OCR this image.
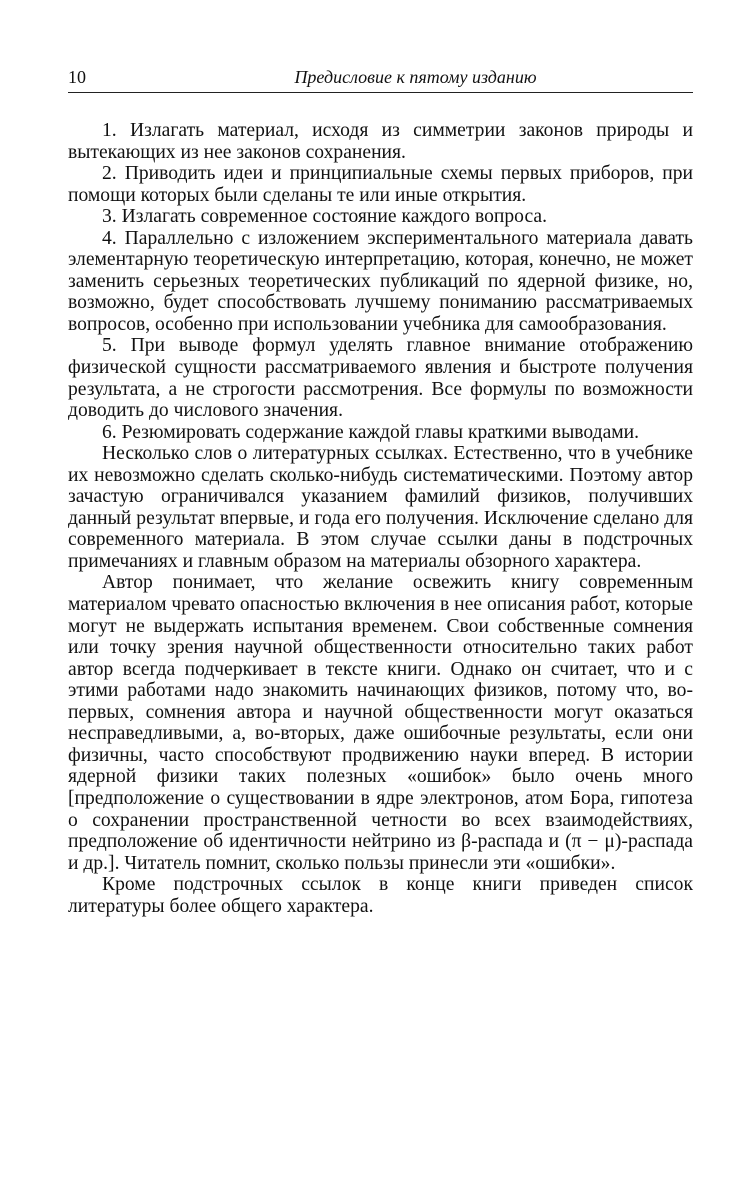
10	Предисловие к пятому изданию

1. Излагать материал, исходя из симметрии законов природы и вытекающих из нее законов сохранения.

2. Приводить идеи и принципиальные схемы первых приборов, при помощи которых были сделаны те или иные открытия.

3. Излагать современное состояние каждого вопроса.

4. Параллельно с изложением экспериментального материала давать элементарную теоретическую интерпретацию, которая, конечно, не может заменить серьезных теоретических публикаций по ядерной физике, но, возможно, будет способствовать лучшему пониманию рассматриваемых вопросов, особенно при использовании учебника для самообразования.

5. При выводе формул уделять главное внимание отображению физической сущности рассматриваемого явления и быстроте получения результата, а не строгости рассмотрения. Все формулы по возможности доводить до числового значения.

6. Резюмировать содержание каждой главы краткими выводами.

Несколько слов о литературных ссылках. Естественно, что в учебнике их невозможно сделать сколько-нибудь систематическими. Поэтому автор зачастую ограничивался указанием фамилий физиков, получивших данный результат впервые, и года его получения. Исключение сделано для современного материала. В этом случае ссылки даны в подстрочных примечаниях и главным образом на материалы обзорного характера.

Автор понимает, что желание освежить книгу современным материалом чревато опасностью включения в нее описания работ, которые могут не выдержать испытания временем. Свои собственные сомнения или точку зрения научной общественности относительно таких работ автор всегда подчеркивает в тексте книги. Однако он считает, что и с этими работами надо знакомить начинающих физиков, потому что, во-первых, сомнения автора и научной общественности могут оказаться несправедливыми, а, во-вторых, даже ошибочные результаты, если они физичны, часто способствуют продвижению науки вперед. В истории ядерной физики таких полезных «ошибок» было очень много [предположение о существовании в ядре электронов, атом Бора, гипотеза о сохранении пространственной четности во всех взаимодействиях, предположение об идентичности нейтрино из β-распада и (π − μ)-распада и др.]. Читатель помнит, сколько пользы принесли эти «ошибки».

Кроме подстрочных ссылок в конце книги приведен список литературы более общего характера.
